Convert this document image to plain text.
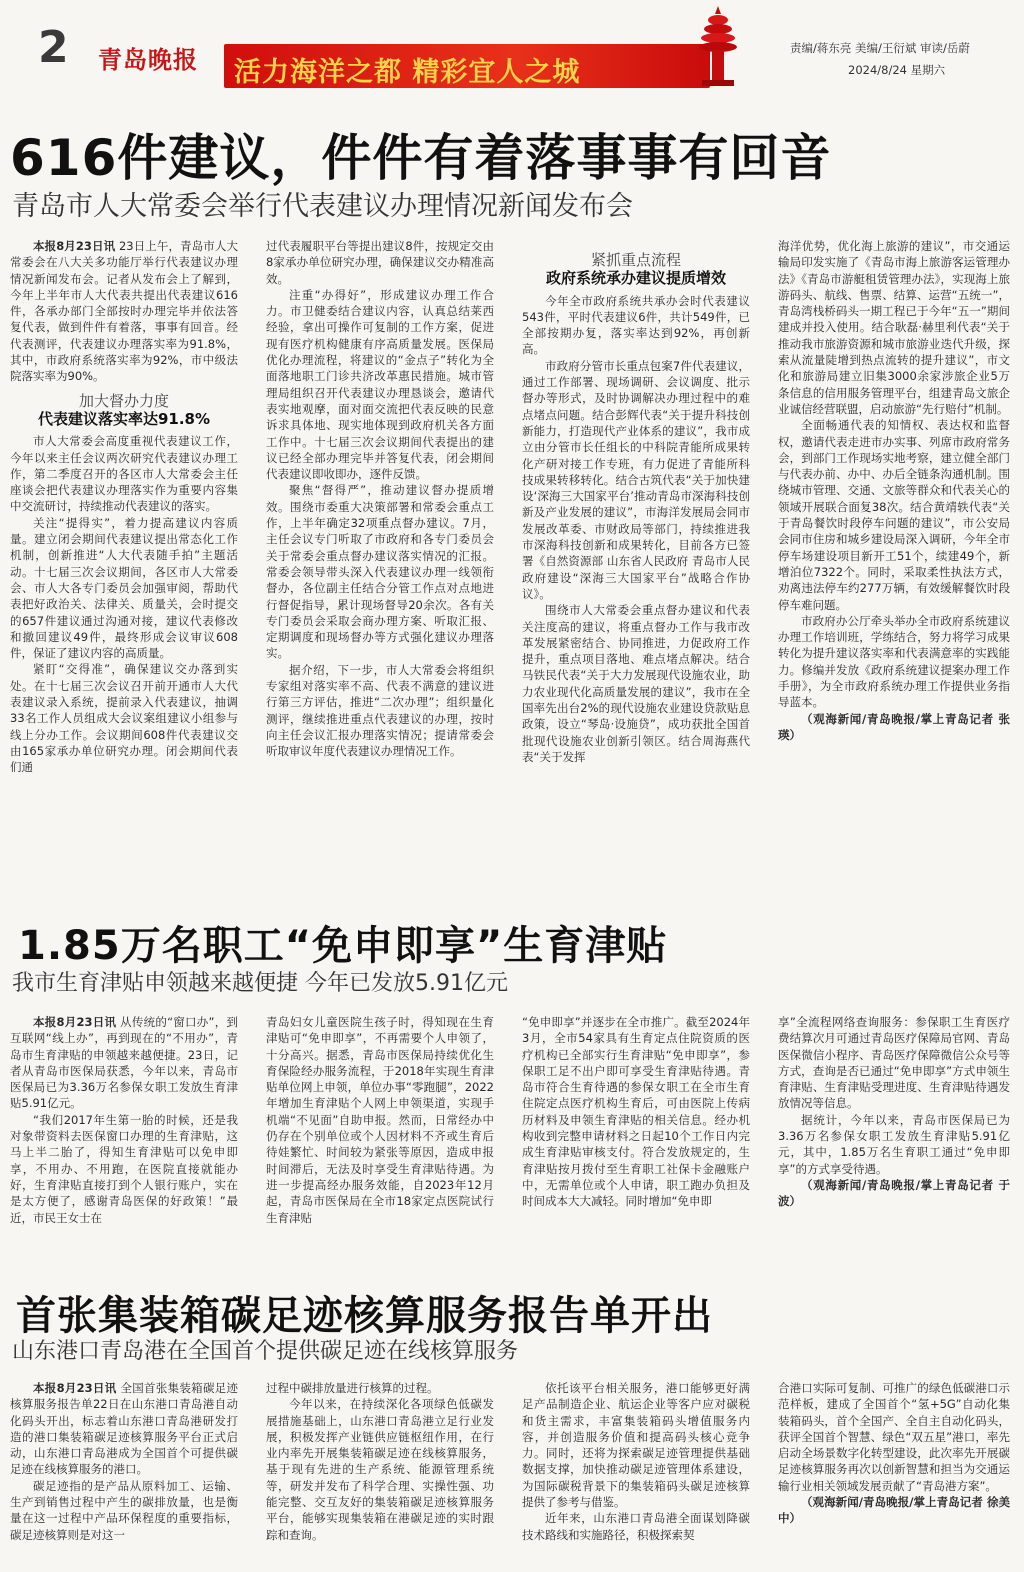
2 青岛晚报 活力海洋之都 精彩宜人之城
责编/蒋东亮 美编/王衍斌 审读/岳蔚
2024/8/24 星期六
616件建议，件件有着落事事有回音
青岛市人大常委会举行代表建议办理情况新闻发布会

本报8月23日讯 23日上午，青岛市人大常委会在八大关多功能厅举行代表建议办理情况新闻发布会。记者从发布会上了解到，今年上半年市人大代表共提出代表建议616件，各承办部门全部按时办理完毕并依法答复代表，做到件件有着落，事事有回音。经代表测评，代表建议办理落实率为91.8%，其中，市政府系统落实率为92%，市中级法院落实率为90%。

加大督办力度
代表建议落实率达91.8%

市人大常委会高度重视代表建议工作，今年以来主任会议两次研究代表建议办理工作，第二季度召开的各区市人大常委会主任座谈会把代表建议办理落实作为重要内容集中交流研讨，持续推动代表建议的落实。

关注“提得实”，着力提高建议内容质量。建立闭会期间代表建议提出常态化工作机制，创新推进“人大代表随手拍”主题活动。十七届三次会议期间，各区市人大常委会、市人大各专门委员会加强审阅，帮助代表把好政治关、法律关、质量关，会时提交的657件建议通过沟通对接，建议代表修改和撤回建议49件，最终形成会议审议608件，保证了建议内容的高质量。

紧盯“交得准”，确保建议交办落到实处。在十七届三次会议召开前开通市人大代表建议录入系统，提前录入代表建议，抽调33名工作人员组成大会议案组建议小组参与线上分办工作。会议期间608件代表建议交由165家承办单位研究办理。闭会期间代表们通

过代表履职平台等提出建议8件，按规定交由8家承办单位研究办理，确保建议交办精准高效。

注重“办得好”，形成建议办理工作合力。市卫健委结合建议内容，认真总结莱西经验，拿出可操作可复制的工作方案，促进现有医疗机构健康有序高质量发展。医保局优化办理流程，将建议的“金点子”转化为全面落地职工门诊共济改革惠民措施。城市管理局组织召开代表建议办理恳谈会，邀请代表实地观摩，面对面交流把代表反映的民意诉求具体地、现实地体现到政府机关各方面工作中。十七届三次会议期间代表提出的建议已经全部办理完毕并答复代表，闭会期间代表建议即收即办，逐件反馈。

聚焦“督得严”，推动建议督办提质增效。围绕市委重大决策部署和常委会重点工作，上半年确定32项重点督办建议。7月，主任会议专门听取了市政府和各专门委员会关于常委会重点督办建议落实情况的汇报。常委会领导带头深入代表建议办理一线领衔督办，各位副主任结合分管工作点对点地进行督促指导，累计现场督导20余次。各有关专门委员会采取会商办理方案、听取汇报、定期调度和现场督办等方式强化建议办理落实。

据介绍，下一步，市人大常委会将组织专家组对落实率不高、代表不满意的建议进行第三方评估，推进“二次办理”；组织量化测评，继续推进重点代表建议的办理，按时向主任会议汇报办理落实情况；提请常委会听取审议年度代表建议办理情况工作。

紧抓重点流程
政府系统承办建议提质增效

今年全市政府系统共承办会时代表建议543件，平时代表建议6件，共计549件，已全部按期办复，落实率达到92%，再创新高。

市政府分管市长重点包案7件代表建议，通过工作部署、现场调研、会议调度、批示督办等形式，及时协调解决办理过程中的难点堵点问题。结合彭辉代表“关于提升科技创新能力，打造现代产业体系的建议”，我市成立由分管市长任组长的中科院青能所成果转化产研对接工作专班，有力促进了青能所科技成果转移转化。结合古筑代表“关于加快建设‘深海三大国家平台’推动青岛市深海科技创新及产业发展的建议”，市海洋发展局会同市发展改革委、市财政局等部门，持续推进我市深海科技创新和成果转化，目前各方已签署《自然资源部 山东省人民政府 青岛市人民政府建设“深海三大国家平台”战略合作协议》。

围绕市人大常委会重点督办建议和代表关注度高的建议，将重点督办工作与我市改革发展紧密结合、协同推进，力促政府工作提升，重点项目落地、难点堵点解决。结合马铁民代表“关于大力发展现代设施农业，助力农业现代化高质量发展的建议”，我市在全国率先出台2%的现代设施农业建设贷款贴息政策，设立“琴岛·设施贷”，成功获批全国首批现代设施农业创新引领区。结合周海燕代表“关于发挥

海洋优势，优化海上旅游的建议”，市交通运输局印发实施了《青岛市海上旅游客运管理办法》《青岛市游艇租赁管理办法》，实现海上旅游码头、航线、售票、结算、运营“五统一”，青岛湾栈桥码头一期工程已于今年“五一”期间建成并投入使用。结合耿磊·赫里利代表“关于推动我市旅游资源和城市旅游业迭代升级，探索从流量陡增到热点流转的提升建议”，市文化和旅游局建立旧集3000余家涉旅企业5万条信息的信用服务管理平台，组建青岛文旅企业诚信经营联盟，启动旅游“先行赔付”机制。

全面畅通代表的知情权、表达权和监督权，邀请代表走进市办实事、列席市政府常务会，到部门工作现场实地考察，建立健全部门与代表办前、办中、办后全链条沟通机制。围绕城市管理、交通、文旅等群众和代表关心的领域开展联合面复38次。结合黄靖轶代表“关于青岛餐饮时段停车问题的建议”，市公安局会同市住房和城乡建设局深入调研，今年全市停车场建设项目新开工51个，续建49个，新增泊位7322个。同时，采取柔性执法方式，劝离违法停车约277万辆，有效缓解餐饮时段停车难问题。

市政府办公厅牵头举办全市政府系统建议办理工作培训班，学练结合，努力将学习成果转化为提升建议落实率和代表满意率的实践能力。修编并发放《政府系统建议提案办理工作手册》，为全市政府系统办理工作提供业务指导蓝本。

（观海新闻/青岛晚报/掌上青岛记者 张瑛）

1.85万名职工“免申即享”生育津贴
我市生育津贴申领越来越便捷 今年已发放5.91亿元

本报8月23日讯 从传统的“窗口办”，到互联网“线上办”，再到现在的“不用办”，青岛市生育津贴的申领越来越便捷。23日，记者从青岛市医保局获悉，今年以来，青岛市医保局已为3.36万名参保女职工发放生育津贴5.91亿元。

“我们2017年生第一胎的时候，还是我对象带资料去医保窗口办理的生育津贴，这马上半二胎了，得知生育津贴可以免申即享，不用办、不用跑，在医院直接就能办好，生育津贴直接打到个人银行账户，实在是太方便了，感谢青岛医保的好政策！”最近，市民王女士在

青岛妇女儿童医院生孩子时，得知现在生育津贴可“免申即享”，不再需要个人申领了，十分高兴。据悉，青岛市医保局持续优化生育保险经办服务流程，于2018年实现生育津贴单位网上申领，单位办事“零跑腿”，2022年增加生育津贴个人网上申领渠道，实现手机端“不见面”自助申报。然而，日常经办中仍存在个别单位或个人因材料不齐或生育后待娃繁忙、时间较为紧张等原因，造成申报时间滞后，无法及时享受生育津贴待遇。为进一步提高经办服务效能，自2023年12月起，青岛市医保局在全市18家定点医院试行生育津贴

“免申即享”并逐步在全市推广。截至2024年3月，全市54家具有生育定点住院资质的医疗机构已全部实行生育津贴“免申即享”，参保职工足不出户即可享受生育津贴待遇。青岛市符合生育待遇的参保女职工在全市生育住院定点医疗机构生育后，可由医院上传病历材料及申领生育津贴的相关信息。经办机构收到完整申请材料之日起10个工作日内完成生育津贴审核支付。符合发放规定的，生育津贴按月拨付至生育职工社保卡金融账户中，无需单位或个人申请，职工跑办负担及时间成本大大减轻。同时增加“免申即

享”全流程网络查询服务：参保职工生育医疗费结算次月可通过青岛医疗保障局官网、青岛医保微信小程序、青岛医疗保障微信公众号等方式，查询是否已通过“免申即享”方式申领生育津贴、生育津贴受理进度、生育津贴待遇发放情况等信息。

据统计，今年以来，青岛市医保局已为3.36万名参保女职工发放生育津贴5.91亿元，其中，1.85万名生育职工通过“免申即享”的方式享受待遇。

（观海新闻/青岛晚报/掌上青岛记者 于波）

首张集装箱碳足迹核算服务报告单开出
山东港口青岛港在全国首个提供碳足迹在线核算服务

本报8月23日讯 全国首张集装箱碳足迹核算服务报告单22日在山东港口青岛港自动化码头开出，标志着山东港口青岛港研发打造的港口集装箱碳足迹核算服务平台正式启动，山东港口青岛港成为全国首个可提供碳足迹在线核算服务的港口。

碳足迹指的是产品从原料加工、运输、生产到销售过程中产生的碳排放量，也是衡量在这一过程中产品环保程度的重要指标，碳足迹核算则是对这一

过程中碳排放量进行核算的过程。

今年以来，在持续深化各项绿色低碳发展措施基础上，山东港口青岛港立足行业发展，积极发挥产业链供应链枢纽作用，在行业内率先开展集装箱碳足迹在线核算服务，基于现有先进的生产系统、能源管理系统等，研发并发布了科学合理、实操性强、功能完整、交互友好的集装箱碳足迹核算服务平台，能够实现集装箱在港碳足迹的实时跟踪和查询。

依托该平台相关服务，港口能够更好满足产品制造企业、航运企业等客户应对碳税和货主需求，丰富集装箱码头增值服务内容，并创造服务价值和提高码头核心竞争力。同时，还将为探索碳足迹管理提供基础数据支撑，加快推动碳足迹管理体系建设，为国际碳税背景下的集装箱码头碳足迹核算提供了参考与借鉴。

近年来，山东港口青岛港全面谋划降碳技术路线和实施路径，积极探索契

合港口实际可复制、可推广的绿色低碳港口示范样板，建成了全国首个“氢+5G”自动化集装箱码头，首个全国产、全自主自动化码头，获评全国首个智慧、绿色“双五星”港口，率先启动全场景数字化转型建设，此次率先开展碳足迹核算服务再次以创新智慧和担当为交通运输行业相关领域发展贡献了“青岛港方案”。

（观海新闻/青岛晚报/掌上青岛记者 徐美中）
